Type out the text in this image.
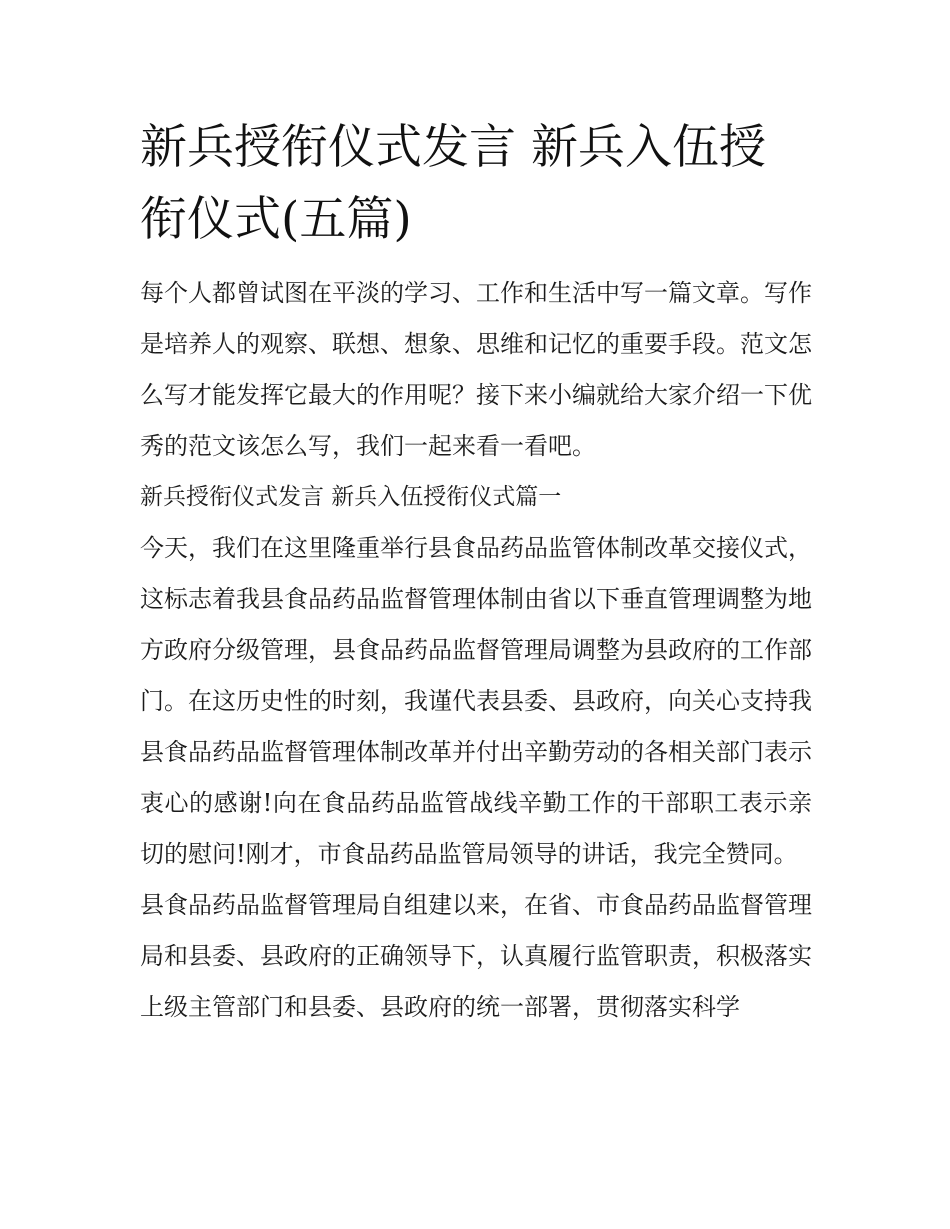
新兵授衔仪式发言 新兵入伍授衔仪式(五篇)

每个人都曾试图在平淡的学习、工作和生活中写一篇文章。写作是培养人的观察、联想、想象、思维和记忆的重要手段。范文怎么写才能发挥它最大的作用呢？接下来小编就给大家介绍一下优秀的范文该怎么写，我们一起来看一看吧。

新兵授衔仪式发言 新兵入伍授衔仪式篇一

今天，我们在这里隆重举行县食品药品监管体制改革交接仪式，这标志着我县食品药品监督管理体制由省以下垂直管理调整为地方政府分级管理，县食品药品监督管理局调整为县政府的工作部门。在这历史性的时刻，我谨代表县委、县政府，向关心支持我县食品药品监督管理体制改革并付出辛勤劳动的各相关部门表示衷心的感谢!向在食品药品监管战线辛勤工作的干部职工表示亲切的慰问!刚才，市食品药品监管局领导的讲话，我完全赞同。

县食品药品监督管理局自组建以来，在省、市食品药品监督管理局和县委、县政府的正确领导下，认真履行监管职责，积极落实上级主管部门和县委、县政府的统一部署，贯彻落实科学
